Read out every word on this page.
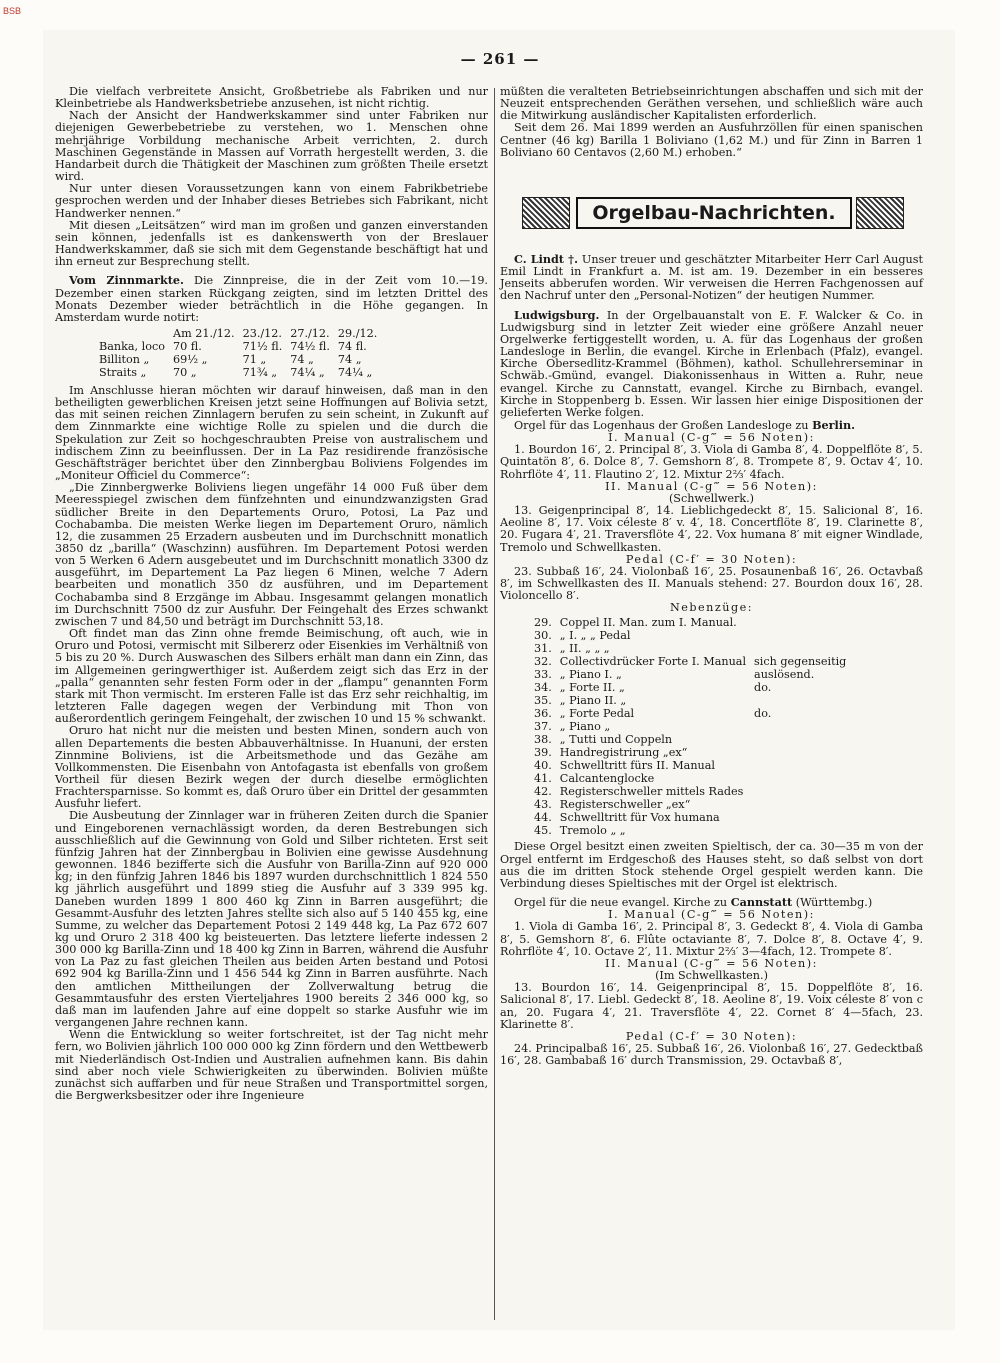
BSB
— 261 —

Die vielfach verbreitete Ansicht, Großbetriebe als Fabriken und nur Kleinbetriebe als Handwerksbetriebe anzusehen, ist nicht richtig.

Nach der Ansicht der Handwerkskammer sind unter Fabriken nur diejenigen Gewerbebetriebe zu verstehen, wo 1. Menschen ohne mehrjährige Vorbildung mechanische Arbeit verrichten, 2. durch Maschinen Gegenstände in Massen auf Vorrath hergestellt werden, 3. die Handarbeit durch die Thätigkeit der Maschinen zum größten Theile ersetzt wird.

Nur unter diesen Voraussetzungen kann von einem Fabrikbetriebe gesprochen werden und der Inhaber dieses Betriebes sich Fabrikant, nicht Handwerker nennen.“

Mit diesen „Leitsätzen“ wird man im großen und ganzen einverstanden sein können, jedenfalls ist es dankenswerth von der Breslauer Handwerkskammer, daß sie sich mit dem Gegenstande beschäftigt hat und ihn erneut zur Besprechung stellt.

Vom Zinnmarkte. Die Zinnpreise, die in der Zeit vom 10.—19. Dezember einen starken Rückgang zeigten, sind im letzten Drittel des Monats Dezember wieder beträchtlich in die Höhe gegangen. In Amsterdam wurde notirt:

	Am 21./12.	23./12.	27./12.	29./12.
Banka, loco	70 fl.	71½ fl.	74½ fl.	74 fl.
Billiton „	69½ „	71 „	74 „	74 „
Straits „	70 „	71¾ „	74¼ „	74¼ „

Im Anschlusse hieran möchten wir darauf hinweisen, daß man in den betheiligten gewerblichen Kreisen jetzt seine Hoffnungen auf Bolivia setzt, das mit seinen reichen Zinnlagern berufen zu sein scheint, in Zukunft auf dem Zinnmarkte eine wichtige Rolle zu spielen und die durch die Spekulation zur Zeit so hochgeschraubten Preise von australischem und indischem Zinn zu beeinflussen. Der in La Paz residirende französische Geschäftsträger berichtet über den Zinnbergbau Boliviens Folgendes im „Moniteur Officiel du Commerce“:

„Die Zinnbergwerke Boliviens liegen ungefähr 14 000 Fuß über dem Meeresspiegel zwischen dem fünfzehnten und einundzwanzigsten Grad südlicher Breite in den Departements Oruro, Potosi, La Paz und Cochabamba. Die meisten Werke liegen im Departement Oruro, nämlich 12, die zusammen 25 Erzadern ausbeuten und im Durchschnitt monatlich 3850 dz „barilla“ (Waschzinn) ausführen. Im Departement Potosi werden von 5 Werken 6 Adern ausgebeutet und im Durchschnitt monatlich 3300 dz ausgeführt, im Departement La Paz liegen 6 Minen, welche 7 Adern bearbeiten und monatlich 350 dz ausführen, und im Departement Cochabamba sind 8 Erzgänge im Abbau. Insgesammt gelangen monatlich im Durchschnitt 7500 dz zur Ausfuhr. Der Feingehalt des Erzes schwankt zwischen 7 und 84,50 und beträgt im Durchschnitt 53,18.

Oft findet man das Zinn ohne fremde Beimischung, oft auch, wie in Oruro und Potosi, vermischt mit Silbererz oder Eisenkies im Verhältniß von 5 bis zu 20 %. Durch Auswaschen des Silbers erhält man dann ein Zinn, das im Allgemeinen geringwerthiger ist. Außerdem zeigt sich das Erz in der „palla“ genannten sehr festen Form oder in der „flampu“ genannten Form stark mit Thon vermischt. Im ersteren Falle ist das Erz sehr reichhaltig, im letzteren Falle dagegen wegen der Verbindung mit Thon von außerordentlich geringem Feingehalt, der zwischen 10 und 15 % schwankt.

Oruro hat nicht nur die meisten und besten Minen, sondern auch von allen Departements die besten Abbauverhältnisse. In Huanuni, der ersten Zinnmine Boliviens, ist die Arbeitsmethode und das Gezähe am Vollkommensten. Die Eisenbahn von Antofagasta ist ebenfalls von großem Vortheil für diesen Bezirk wegen der durch dieselbe ermöglichten Frachtersparnisse. So kommt es, daß Oruro über ein Drittel der gesammten Ausfuhr liefert.

Die Ausbeutung der Zinnlager war in früheren Zeiten durch die Spanier und Eingeborenen vernachlässigt worden, da deren Bestrebungen sich ausschließlich auf die Gewinnung von Gold und Silber richteten. Erst seit fünfzig Jahren hat der Zinnbergbau in Bolivien eine gewisse Ausdehnung gewonnen. 1846 bezifferte sich die Ausfuhr von Barilla-Zinn auf 920 000 kg; in den fünfzig Jahren 1846 bis 1897 wurden durchschnittlich 1 824 550 kg jährlich ausgeführt und 1899 stieg die Ausfuhr auf 3 339 995 kg. Daneben wurden 1899 1 800 460 kg Zinn in Barren ausgeführt; die Gesammt-Ausfuhr des letzten Jahres stellte sich also auf 5 140 455 kg, eine Summe, zu welcher das Departement Potosi 2 149 448 kg, La Paz 672 607 kg und Oruro 2 318 400 kg beisteuerten. Das letztere lieferte indessen 2 300 000 kg Barilla-Zinn und 18 400 kg Zinn in Barren, während die Ausfuhr von La Paz zu fast gleichen Theilen aus beiden Arten bestand und Potosi 692 904 kg Barilla-Zinn und 1 456 544 kg Zinn in Barren ausführte. Nach den amtlichen Mittheilungen der Zollverwaltung betrug die Gesammtausfuhr des ersten Vierteljahres 1900 bereits 2 346 000 kg, so daß man im laufenden Jahre auf eine doppelt so starke Ausfuhr wie im vergangenen Jahre rechnen kann.

Wenn die Entwicklung so weiter fortschreitet, ist der Tag nicht mehr fern, wo Bolivien jährlich 100 000 000 kg Zinn fördern und den Wettbewerb mit Niederländisch Ost-Indien und Australien aufnehmen kann. Bis dahin sind aber noch viele Schwierigkeiten zu überwinden. Bolivien müßte zunächst sich auffarben und für neue Straßen und Transportmittel sorgen, die Bergwerksbesitzer oder ihre Ingenieure

müßten die veralteten Betriebseinrichtungen abschaffen und sich mit der Neuzeit entsprechenden Geräthen versehen, und schließlich wäre auch die Mitwirkung ausländischer Kapitalisten erforderlich.

Seit dem 26. Mai 1899 werden an Ausfuhrzöllen für einen spanischen Centner (46 kg) Barilla 1 Boliviano (1,62 M.) und für Zinn in Barren 1 Boliviano 60 Centavos (2,60 M.) erhoben.“

Orgelbau-Nachrichten.

C. Lindt †. Unser treuer und geschätzter Mitarbeiter Herr Carl August Emil Lindt in Frankfurt a. M. ist am. 19. Dezember in ein besseres Jenseits abberufen worden. Wir verweisen die Herren Fachgenossen auf den Nachruf unter den „Personal-Notizen“ der heutigen Nummer.

Ludwigsburg. In der Orgelbauanstalt von E. F. Walcker & Co. in Ludwigsburg sind in letzter Zeit wieder eine größere Anzahl neuer Orgelwerke fertiggestellt worden, u. A. für das Logenhaus der großen Landesloge in Berlin, die evangel. Kirche in Erlenbach (Pfalz), evangel. Kirche Obersedlitz-Krammel (Böhmen), kathol. Schullehrerseminar in Schwäb.-Gmünd, evangel. Diakonissenhaus in Witten a. Ruhr, neue evangel. Kirche zu Cannstatt, evangel. Kirche zu Birnbach, evangel. Kirche in Stoppenberg b. Essen. Wir lassen hier einige Dispositionen der gelieferten Werke folgen.

Orgel für das Logenhaus der Großen Landesloge zu Berlin.

I. Manual (C-g‴ = 56 Noten):

1. Bourdon 16′, 2. Principal 8′, 3. Viola di Gamba 8′, 4. Doppelflöte 8′, 5. Quintatön 8′, 6. Dolce 8′, 7. Gemshorn 8′, 8. Trompete 8′, 9. Octav 4′, 10. Rohrflöte 4′, 11. Flautino 2′, 12. Mixtur 2⅔′ 4fach.

II. Manual (C-g‴ = 56 Noten):

(Schwellwerk.)

13. Geigenprincipal 8′, 14. Lieblichgedeckt 8′, 15. Salicional 8′, 16. Aeoline 8′, 17. Voix céleste 8′ v. 4′, 18. Concertflöte 8′, 19. Clarinette 8′, 20. Fugara 4′, 21. Traversflöte 4′, 22. Vox humana 8′ mit eigner Windlade, Tremolo und Schwellkasten.

Pedal (C-f′ = 30 Noten):

23. Subbaß 16′, 24. Violonbaß 16′, 25. Posaunenbaß 16′, 26. Octavbaß 8′, im Schwellkasten des II. Manuals stehend: 27. Bourdon doux 16′, 28. Violoncello 8′.

Nebenzüge:

29.	Coppel II. Man. zum I. Manual.	
30.	„ I. „ „ Pedal	
31.	„ II. „ „ „	
32.	Collectivdrücker Forte I. Manual	sich gegenseitig
33.	„ Piano I. „	auslösend.
34.	„ Forte II. „	do.
35.	„ Piano II. „	
36.	„ Forte Pedal	do.
37.	„ Piano „	
38.	„ Tutti und Coppeln	
39.	Handregistrirung „ex“	
40.	Schwelltritt fürs II. Manual	
41.	Calcantenglocke	
42.	Registerschweller mittels Rades	
43.	Registerschweller „ex“	
44.	Schwelltritt für Vox humana	
45.	Tremolo „ „	

Diese Orgel besitzt einen zweiten Spieltisch, der ca. 30—35 m von der Orgel entfernt im Erdgeschoß des Hauses steht, so daß selbst von dort aus die im dritten Stock stehende Orgel gespielt werden kann. Die Verbindung dieses Spieltisches mit der Orgel ist elektrisch.

Orgel für die neue evangel. Kirche zu Cannstatt (Württembg.)

I. Manual (C-g‴ = 56 Noten):

1. Viola di Gamba 16′, 2. Principal 8′, 3. Gedeckt 8′, 4. Viola di Gamba 8′, 5. Gemshorn 8′, 6. Flûte octaviante 8′, 7. Dolce 8′, 8. Octave 4′, 9. Rohrflöte 4′, 10. Octave 2′, 11. Mixtur 2⅔′ 3—4fach, 12. Trompete 8′.

II. Manual (C-g‴ = 56 Noten):

(Im Schwellkasten.)

13. Bourdon 16′, 14. Geigenprincipal 8′, 15. Doppelflöte 8′, 16. Salicional 8′, 17. Liebl. Gedeckt 8′, 18. Aeoline 8′, 19. Voix céleste 8′ von c an, 20. Fugara 4′, 21. Traversflöte 4′, 22. Cornet 8′ 4—5fach, 23. Klarinette 8′.

Pedal (C-f′ = 30 Noten):

24. Principalbaß 16′, 25. Subbaß 16′, 26. Violonbaß 16′, 27. Gedecktbaß 16′, 28. Gambabaß 16′ durch Transmission, 29. Octavbaß 8′,
